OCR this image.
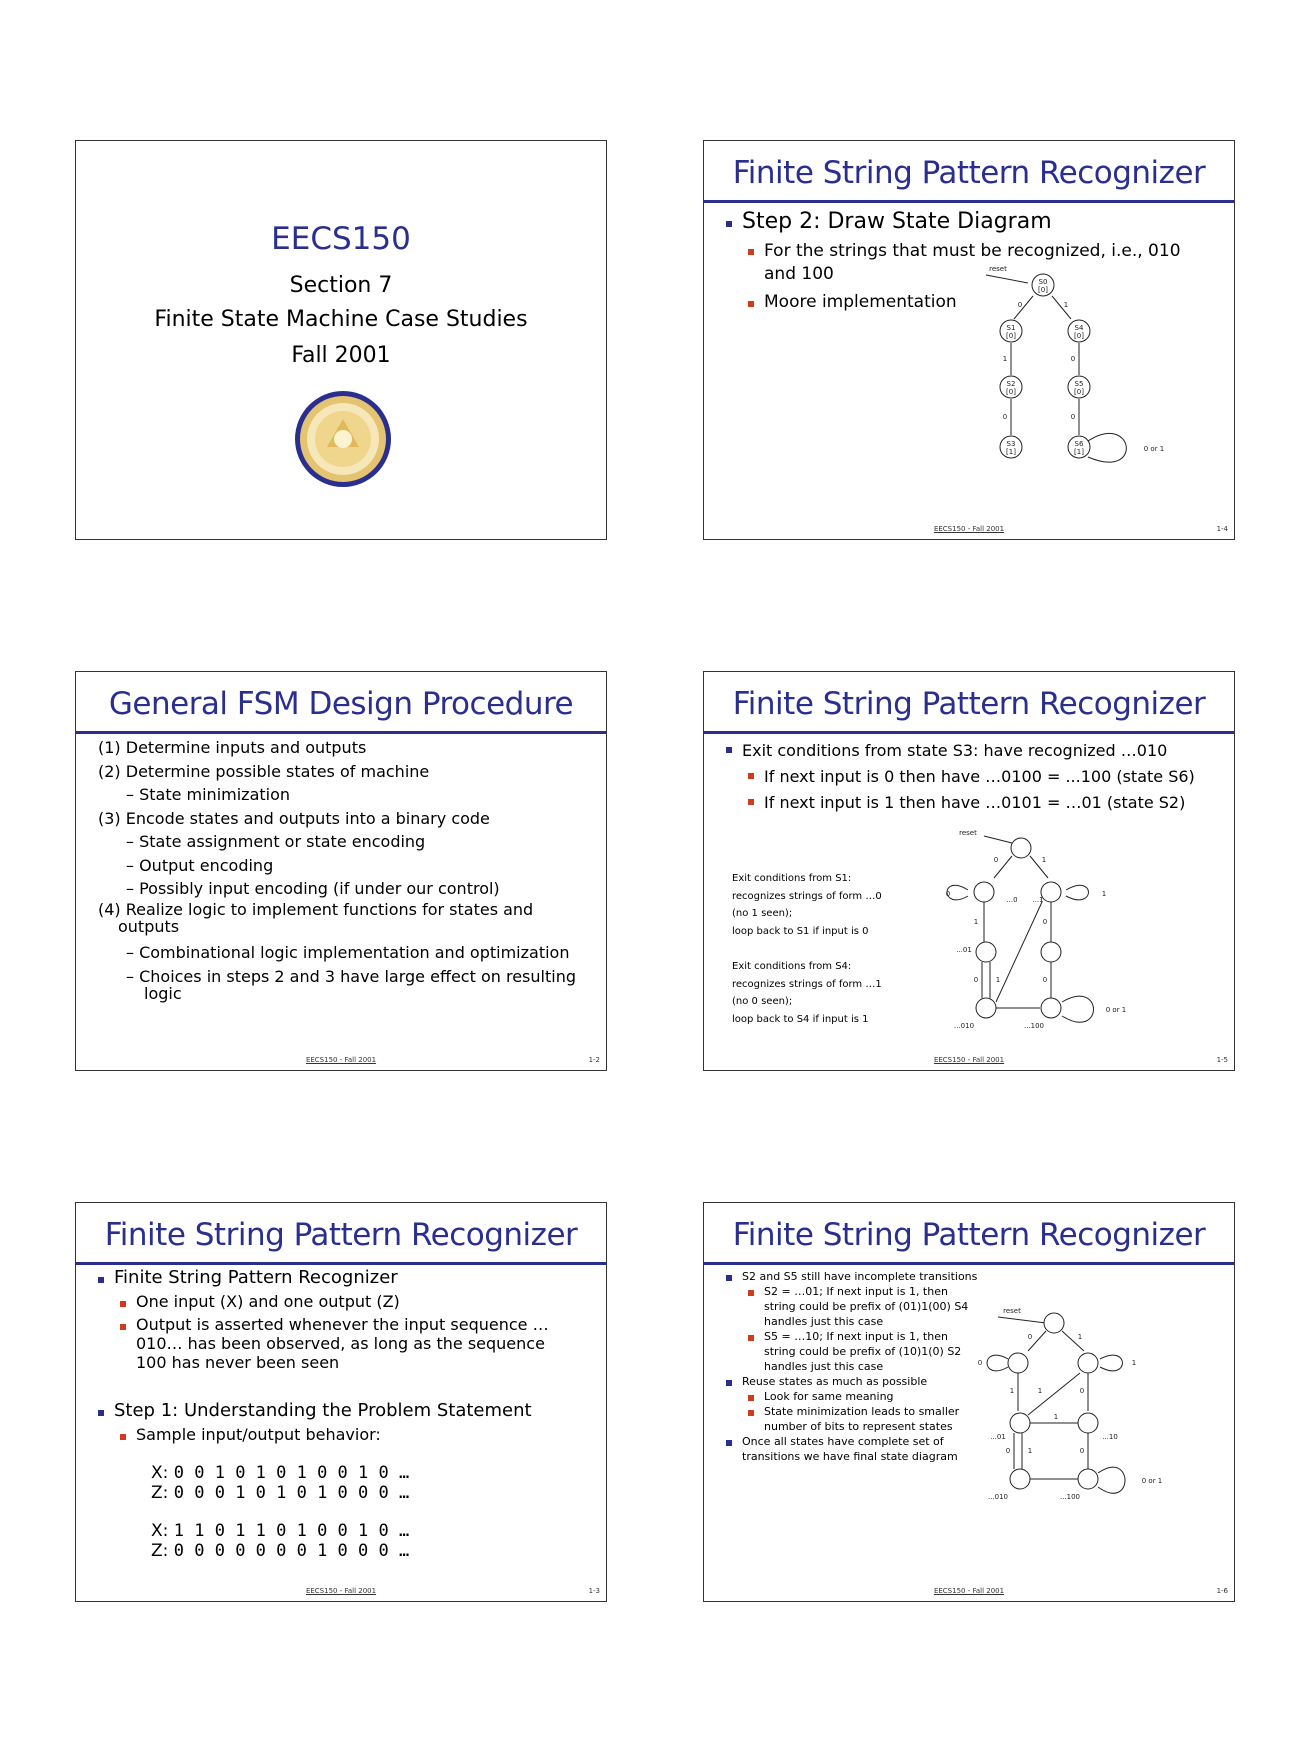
EECS150
Section 7
Finite State Machine Case Studies
Fall 2001
Finite String Pattern Recognizer

Step 2: Draw State Diagram

For the strings that must be recognized, i.e., 010 and 100

Moore implementation

reset
S0
[0]
S1
[0]
S2
[0]
S3
[1]
S4
[0]
S5
[0]
S6
[1]
0	1
1	0
0	0
0 or 1
EECS150 - Fall 2001	1-4
General FSM Design Procedure

(1) Determine inputs and outputs

(2) Determine possible states of machine

– State minimization

(3) Encode states and outputs into a binary code

– State assignment or state encoding

– Output encoding

– Possibly input encoding (if under our control)

(4) Realize logic to implement functions for states and outputs

– Combinational logic implementation and optimization

– Choices in steps 2 and 3 have large effect on resulting logic

EECS150 - Fall 2001	1-2
Finite String Pattern Recognizer

Exit conditions from state S3: have recognized …010

If next input is 0 then have …0100 = ...100 (state S6)

If next input is 1 then have …0101 = …01 (state S2)

Exit conditions from S1:
recognizes strings of form …0
(no 1 seen);
loop back to S1 if input is 0
Exit conditions from S4:
recognizes strings of form …1
(no 0 seen);
loop back to S4 if input is 1
reset
0	1
0	1
...0 ...1
1	0
...01
0	1	0
...010	...100
0 or 1
EECS150 - Fall 2001	1-5
Finite String Pattern Recognizer

Finite String Pattern Recognizer

One input (X) and one output (Z)

Output is asserted whenever the input sequence …010… has been observed, as long as the sequence 100 has never been seen

Step 1: Understanding the Problem Statement

Sample input/output behavior:

X: 0 0 1 0 1 0 1 0 0 1 0 …
Z: 0 0 0 1 0 1 0 1 0 0 0 …
X: 1 1 0 1 1 0 1 0 0 1 0 …
Z: 0 0 0 0 0 0 0 1 0 0 0 …
EECS150 - Fall 2001	1-3
Finite String Pattern Recognizer

S2 and S5 still have incomplete transitions

S2 = …01; If next input is 1, then string could be prefix of (01)1(00) S4 handles just this case

S5 = …10; If next input is 1, then string could be prefix of (10)1(0) S2 handles just this case

Reuse states as much as possible

Look for same meaning

State minimization leads to smaller number of bits to represent states

Once all states have complete set of transitions we have final state diagram

reset
0	1
0	1
1	1	0
1
...01	...10
0	1	0
...010	...100
0 or 1
EECS150 - Fall 2001	1-6
